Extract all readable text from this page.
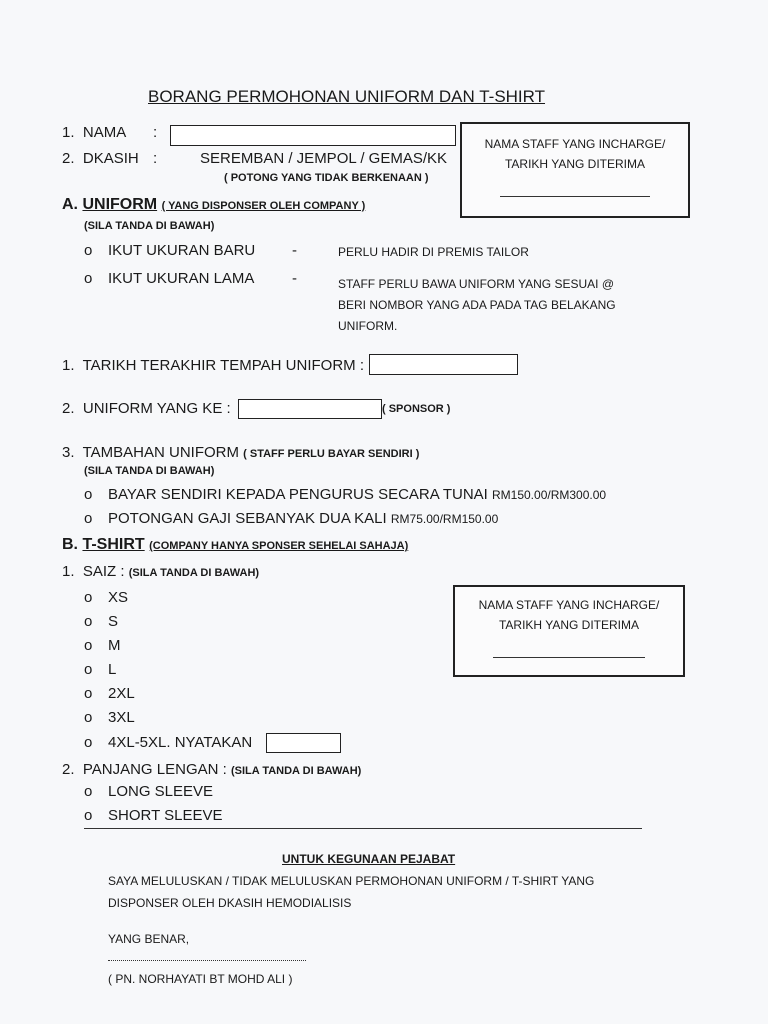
BORANG PERMOHONAN UNIFORM DAN T-SHIRT
1. NAMA :
2. DKASIH :	SEREMBAN / JEMPOL / GEMAS/KK
( POTONG YANG TIDAK BERKENAAN )
NAMA STAFF YANG INCHARGE/
TARIKH YANG DITERIMA
A. UNIFORM ( YANG DISPONSER OLEH COMPANY )
(SILA TANDA DI BAWAH)
o IKUT UKURAN BARU -	PERLU HADIR DI PREMIS TAILOR
o IKUT UKURAN LAMA	-	STAFF PERLU BAWA UNIFORM YANG SESUAI @
BERI NOMBOR YANG ADA PADA TAG BELAKANG
UNIFORM.
1. TARIKH TERAKHIR TEMPAH UNIFORM :
2. UNIFORM YANG KE :	( SPONSOR )
3. TAMBAHAN UNIFORM ( STAFF PERLU BAYAR SENDIRI )
(SILA TANDA DI BAWAH)
o BAYAR SENDIRI KEPADA PENGURUS SECARA TUNAI RM150.00/RM300.00
o POTONGAN GAJI SEBANYAK DUA KALI RM75.00/RM150.00
B. T-SHIRT (COMPANY HANYA SPONSER SEHELAI SAHAJA)
1. SAIZ : (SILA TANDA DI BAWAH)
o XS
o S
o M
o L
o 2XL
o 3XL
o 4XL-5XL. NYATAKAN
NAMA STAFF YANG INCHARGE/
TARIKH YANG DITERIMA
2. PANJANG LENGAN : (SILA TANDA DI BAWAH)
o LONG SLEEVE
o SHORT SLEEVE
UNTUK KEGUNAAN PEJABAT
SAYA MELULUSKAN / TIDAK MELULUSKAN PERMOHONAN UNIFORM / T-SHIRT YANG
DISPONSER OLEH DKASIH HEMODIALISIS
YANG BENAR,
( PN. NORHAYATI BT MOHD ALI )
